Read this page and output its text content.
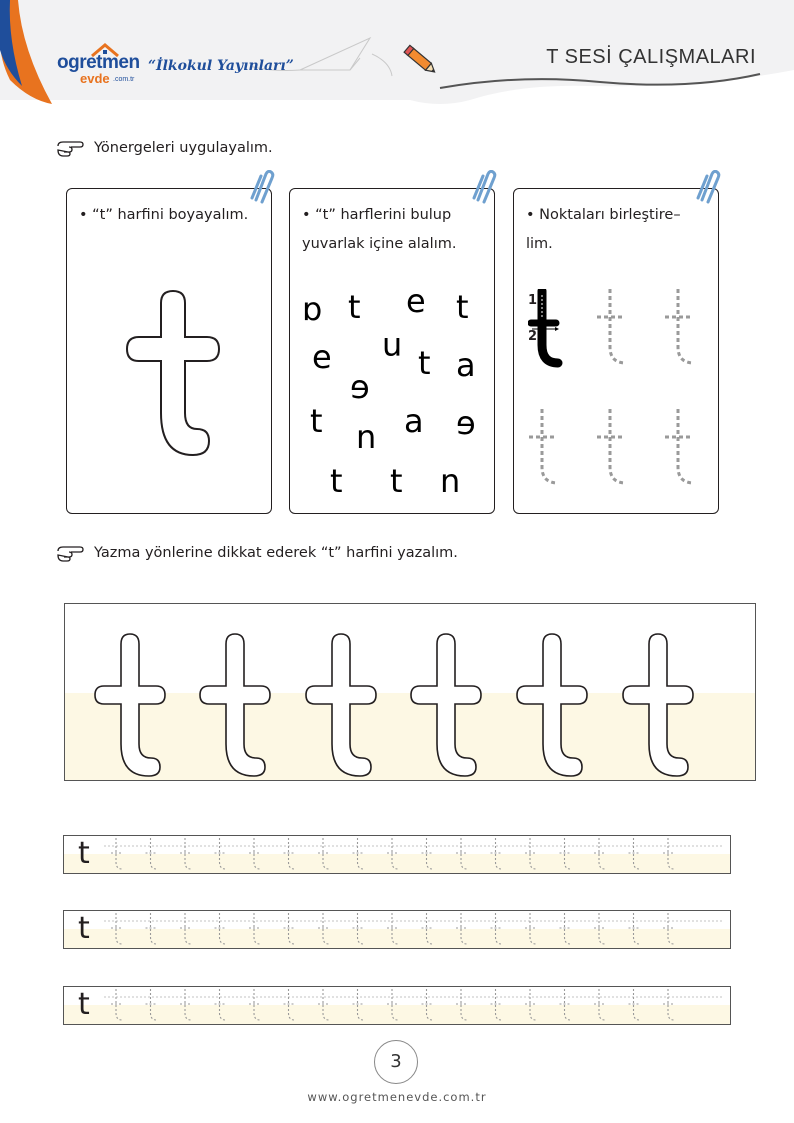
ogretmen
evde .com.tr
“İlkokul Yayınları”	T SESİ ÇALIŞMALARI
Yönergeleri uygulayalım.
• “t” harfini boyayalım.	• “t” harflerini bulup
yuvarlak içine alalım.
ɒ t e t
e n t a
ɘ
t n a ɘ
t t n
• Noktaları birleştire–
lim.
1
2
Yazma yönlerine dikkat ederek “t” harfini yazalım.
t
t
t
3
www.ogretmenevde.com.tr
